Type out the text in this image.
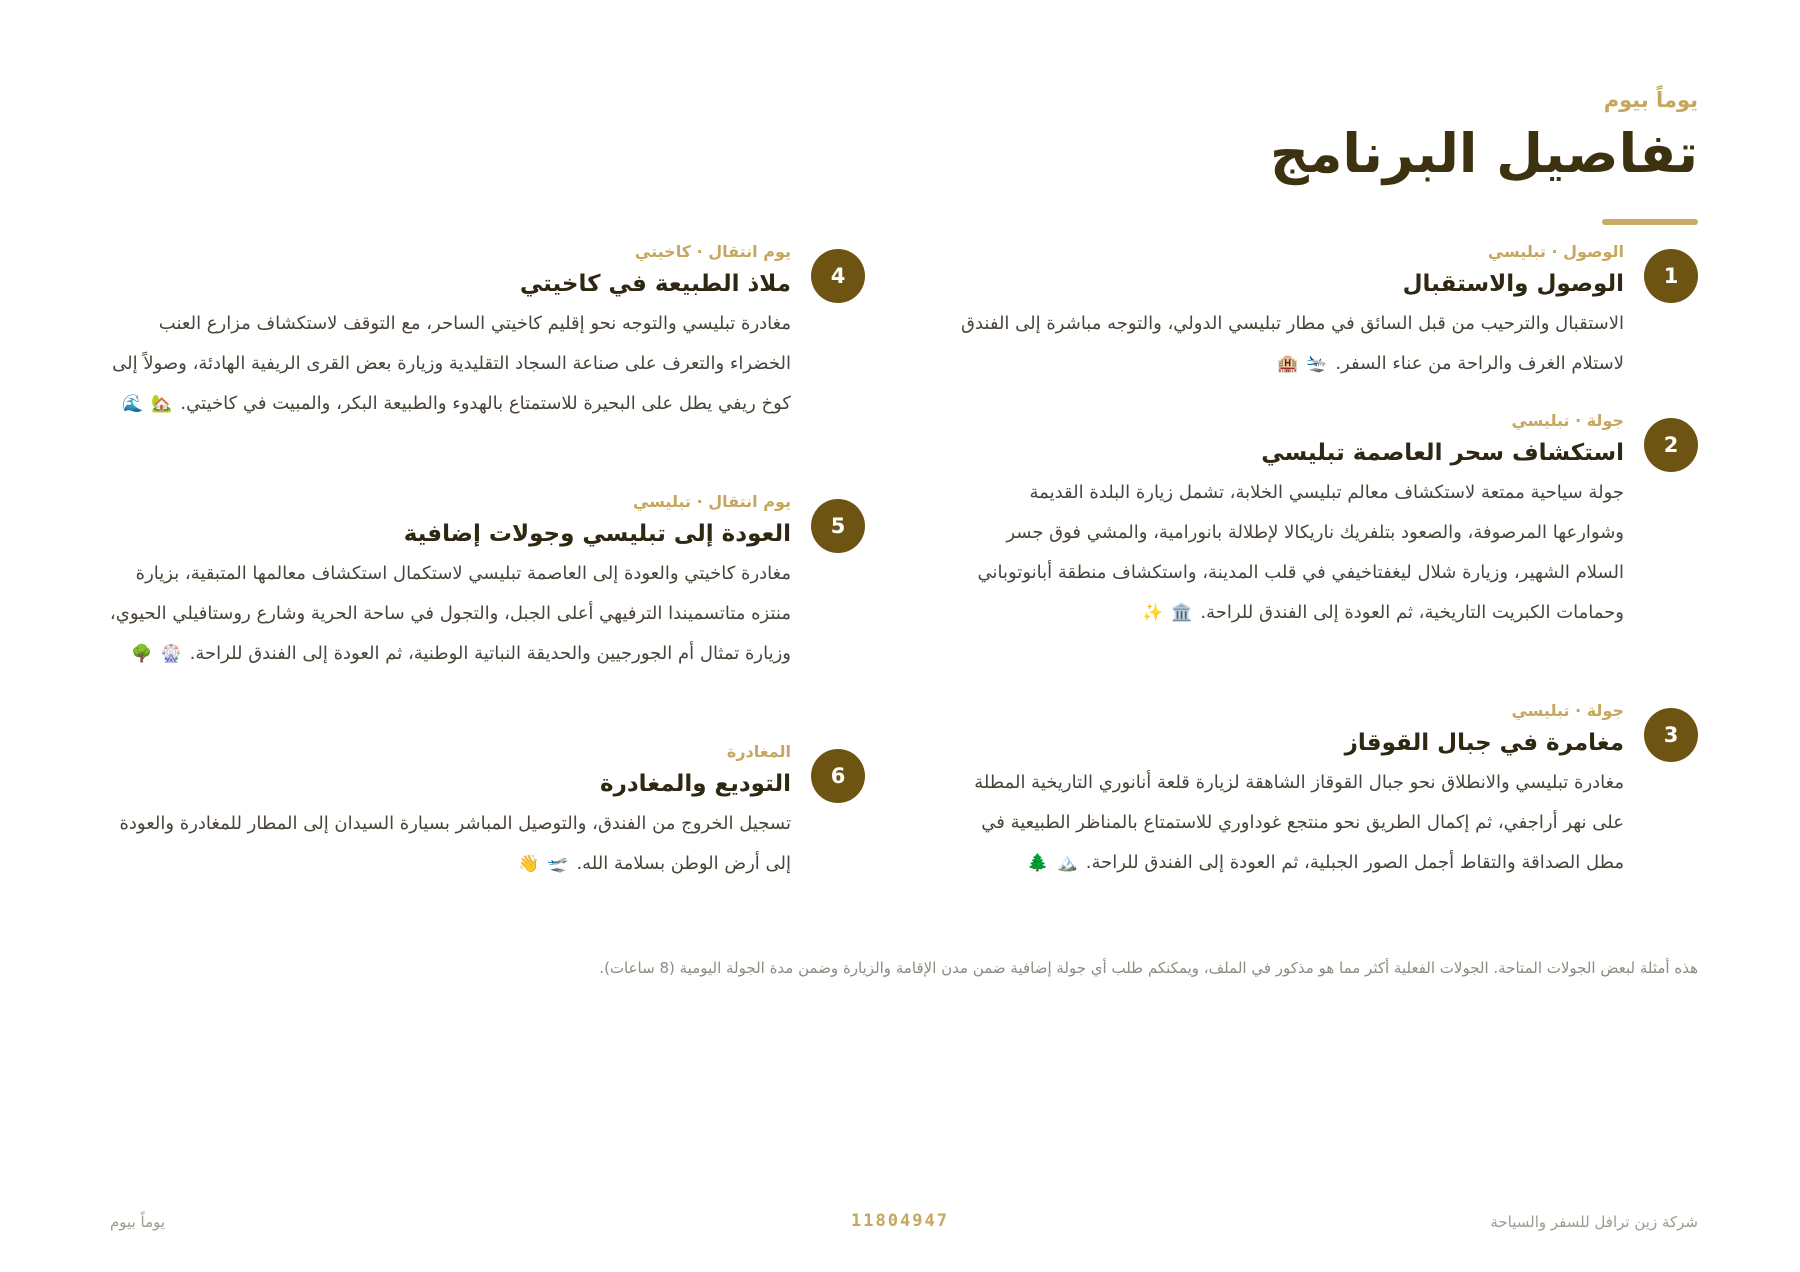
يوماً بيوم
تفاصيل البرنامج
1
الوصول · تبليسي
الوصول والاستقبال

الاستقبال والترحيب من قبل السائق في مطار تبليسي الدولي، والتوجه مباشرة إلى الفندق لاستلام الغرف والراحة من عناء السفر.🛬🏨

2
جولة · تبليسي
استكشاف سحر العاصمة تبليسي

جولة سياحية ممتعة لاستكشاف معالم تبليسي الخلابة، تشمل زيارة البلدة القديمة وشوارعها المرصوفة، والصعود بتلفريك ناريكالا لإطلالة بانورامية، والمشي فوق جسر السلام الشهير، وزيارة شلال ليغفتاخيفي في قلب المدينة، واستكشاف منطقة أبانوتوباني وحمامات الكبريت التاريخية، ثم العودة إلى الفندق للراحة.🏛️✨

3
جولة · تبليسي
مغامرة في جبال القوقاز

مغادرة تبليسي والانطلاق نحو جبال القوقاز الشاهقة لزيارة قلعة أنانوري التاريخية المطلة على نهر أراجفي، ثم إكمال الطريق نحو منتجع غوداوري للاستمتاع بالمناظر الطبيعية في مطل الصداقة والتقاط أجمل الصور الجبلية، ثم العودة إلى الفندق للراحة.🏔️🌲

4
يوم انتقال · كاخيتي
ملاذ الطبيعة في كاخيتي

مغادرة تبليسي والتوجه نحو إقليم كاخيتي الساحر، مع التوقف لاستكشاف مزارع العنب الخضراء والتعرف على صناعة السجاد التقليدية وزيارة بعض القرى الريفية الهادئة، وصولاً إلى كوخ ريفي يطل على البحيرة للاستمتاع بالهدوء والطبيعة البكر، والمبيت في كاخيتي.🏡🌊

5
يوم انتقال · تبليسي
العودة إلى تبليسي وجولات إضافية

مغادرة كاخيتي والعودة إلى العاصمة تبليسي لاستكمال استكشاف معالمها المتبقية، بزيارة منتزه متاتسميندا الترفيهي أعلى الجبل، والتجول في ساحة الحرية وشارع روستافيلي الحيوي، وزيارة تمثال أم الجورجيين والحديقة النباتية الوطنية، ثم العودة إلى الفندق للراحة.🎡🌳

6
المغادرة
التوديع والمغادرة

تسجيل الخروج من الفندق، والتوصيل المباشر بسيارة السيدان إلى المطار للمغادرة والعودة إلى أرض الوطن بسلامة الله.🛫👋

هذه أمثلة لبعض الجولات المتاحة. الجولات الفعلية أكثر مما هو مذكور في الملف، ويمكنكم طلب أي جولة إضافية ضمن مدن الإقامة والزيارة وضمن مدة الجولة اليومية (8 ساعات).
شركة زين ترافل للسفر والسياحة
11804947
يوماً بيوم
